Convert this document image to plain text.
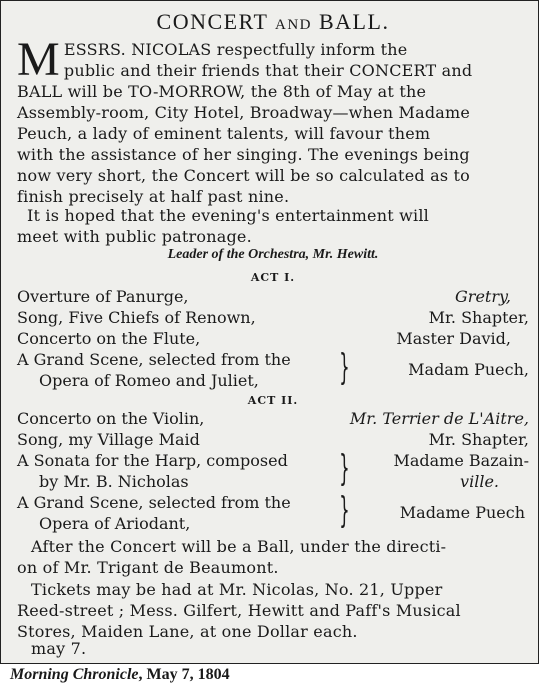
CONCERT AND BALL.
M ESSRS. NICOLAS respectfully inform the
public and their friends that their CONCERT and
BALL will be TO-MORROW, the 8th of May at the
Assembly-room, City Hotel, Broadway—when Madame
Peuch, a lady of eminent talents, will favour them
with the assistance of her singing. The evenings being
now very short, the Concert will be so calculated as to
finish precisely at half past nine.
It is hoped that the evening's entertainment will
meet with public patronage.
Leader of the Orchestra, Mr. Hewitt.
ACT I.
Overture of Panurge,	Gretry,
Song, Five Chiefs of Renown,	Mr. Shapter,
Concerto on the Flute,	Master David,
A Grand Scene, selected from the
Opera of Romeo and Juliet, }	Madam Puech,
ACT II.
Concerto on the Violin,	Mr. Terrier de L'Aitre,
Song, my Village Maid	Mr. Shapter,
A Sonata for the Harp, composed
by Mr. B. Nicholas	}	Madame Bazain-
ville.
A Grand Scene, selected from the
Opera of Ariodant,	}	Madame Puech
After the Concert will be a Ball, under the directi-
on of Mr. Trigant de Beaumont.
Tickets may be had at Mr. Nicolas, No. 21, Upper
Reed-street ; Mess. Gilfert, Hewitt and Paff's Musical
Stores, Maiden Lane, at one Dollar each.
may 7.
Morning Chronicle, May 7, 1804
